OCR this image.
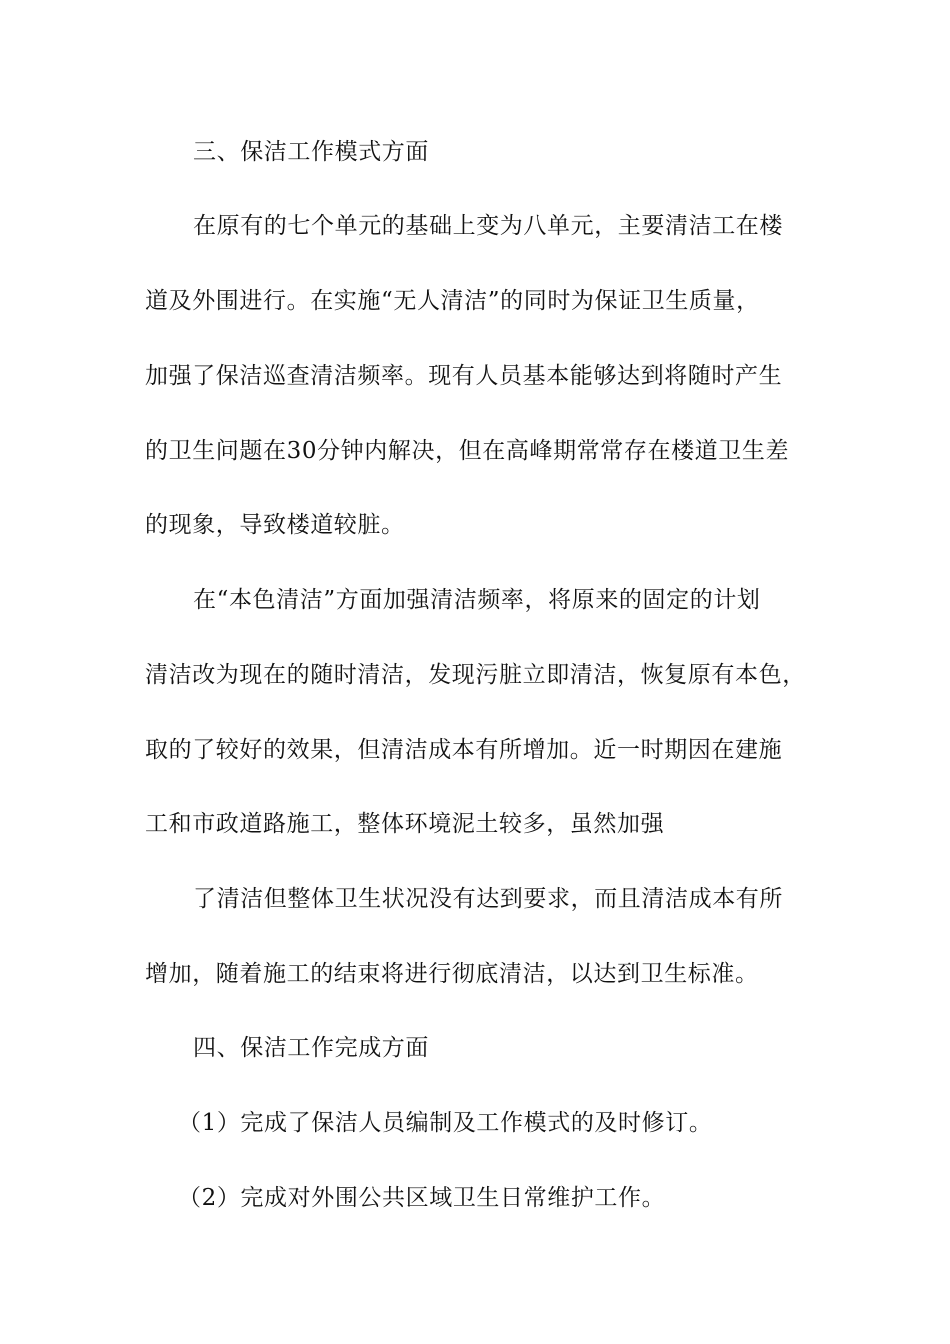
三、保洁工作模式方面
在原有的七个单元的基础上变为八单元，主要清洁工在楼
道及外围进行。在实施“无人清洁”的同时为保证卫生质量，
加强了保洁巡查清洁频率。现有人员基本能够达到将随时产生
的卫生问题在30分钟内解决，但在高峰期常常存在楼道卫生差
的现象，导致楼道较脏。
在“本色清洁”方面加强清洁频率，将原来的固定的计划
清洁改为现在的随时清洁，发现污脏立即清洁，恢复原有本色，
取的了较好的效果，但清洁成本有所增加。近一时期因在建施
工和市政道路施工，整体环境泥土较多，虽然加强
了清洁但整体卫生状况没有达到要求，而且清洁成本有所
增加，随着施工的结束将进行彻底清洁，以达到卫生标准。
四、保洁工作完成方面
（1）完成了保洁人员编制及工作模式的及时修订。
（2）完成对外围公共区域卫生日常维护工作。
